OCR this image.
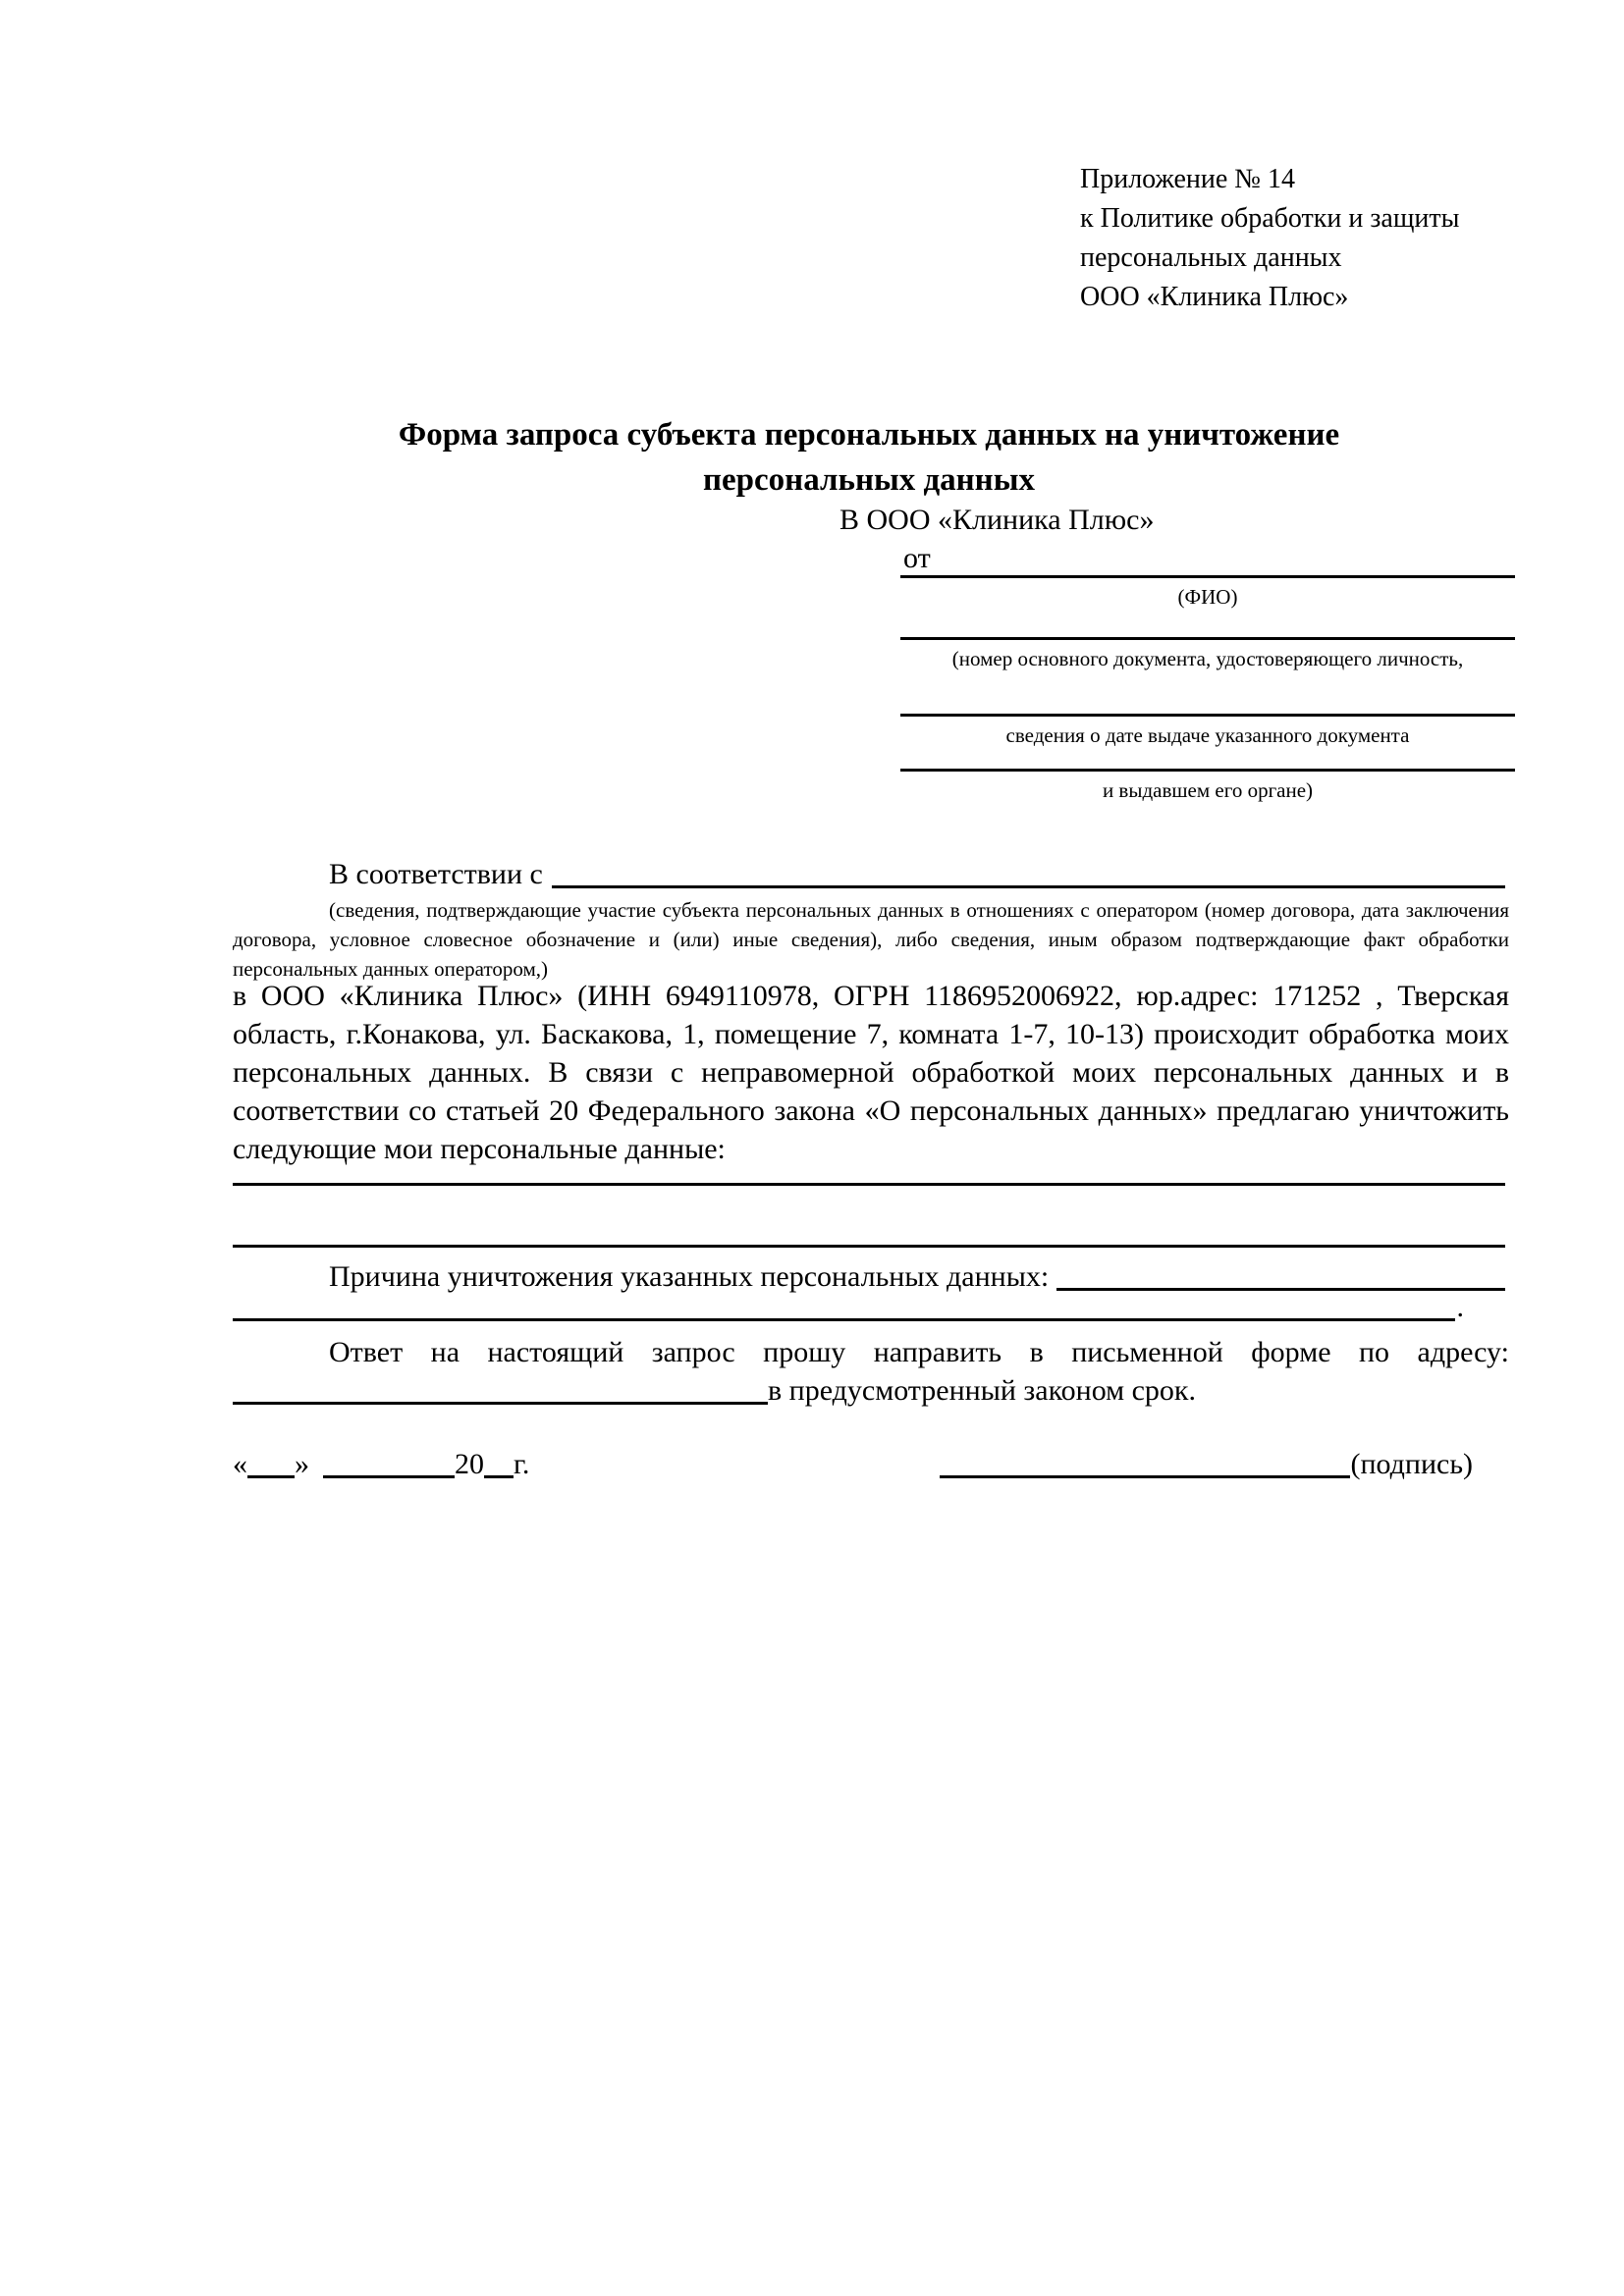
Приложение № 14
к Политике обработки и защиты
персональных данных
ООО «Клиника Плюс»
Форма запроса субъекта персональных данных на уничтожение
персональных данных
В ООО «Клиника Плюс»
от
(ФИО)
(номер основного документа, удостоверяющего личность,
сведения о дате выдаче указанного документа
и выдавшем его органе)
В соответствии с
(сведения, подтверждающие участие субъекта персональных данных в отношениях с оператором (номер договора, дата заключения договора, условное словесное обозначение и (или) иные сведения), либо сведения, иным образом подтверждающие факт обработки персональных данных оператором,)
в ООО «Клиника Плюс» (ИНН 6949110978, ОГРН 1186952006922, юр.адрес: 171252 , Тверская область, г.Конакова, ул. Баскакова, 1, помещение 7, комната 1-7, 10-13) происходит обработка моих персональных данных. В связи с неправомерной обработкой моих персональных данных и в соответствии со статьей 20 Федерального закона «О персональных данных» предлагаю уничтожить следующие мои персональные данные:
Причина уничтожения указанных персональных данных:
.
Ответ на настоящий запрос прошу направить в письменной форме по адресу:
в предусмотренный законом срок.
« »	20 г.	(подпись)
